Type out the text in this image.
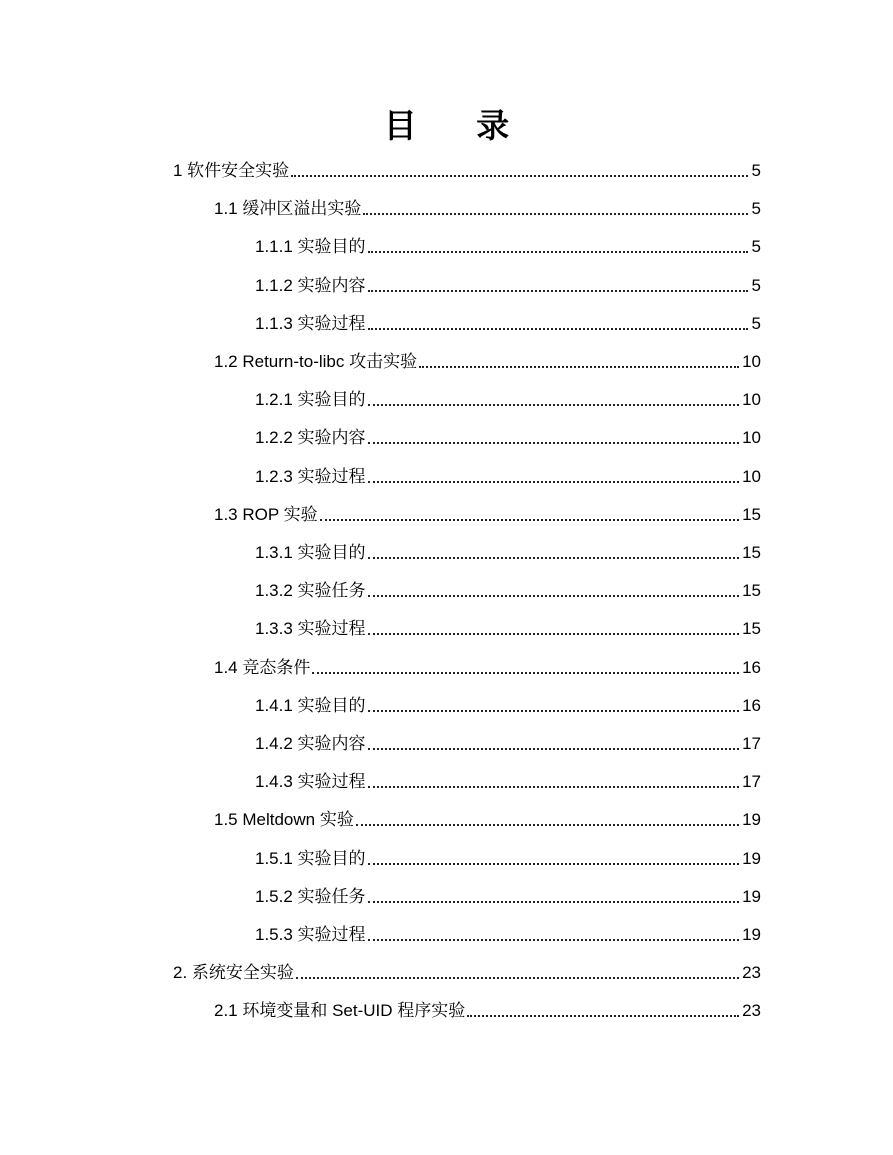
目 录
1 软件安全实验	5
1.1 缓冲区溢出实验	5
1.1.1 实验目的	5
1.1.2 实验内容	5
1.1.3 实验过程	5
1.2 Return-to-libc 攻击实验	10
1.2.1 实验目的	10
1.2.2 实验内容	10
1.2.3 实验过程	10
1.3 ROP 实验	15
1.3.1 实验目的	15
1.3.2 实验任务	15
1.3.3 实验过程	15
1.4 竞态条件	16
1.4.1 实验目的	16
1.4.2 实验内容	17
1.4.3 实验过程	17
1.5 Meltdown 实验	19
1.5.1 实验目的	19
1.5.2 实验任务	19
1.5.3 实验过程	19
2. 系统安全实验	23
2.1 环境变量和 Set-UID 程序实验	23
